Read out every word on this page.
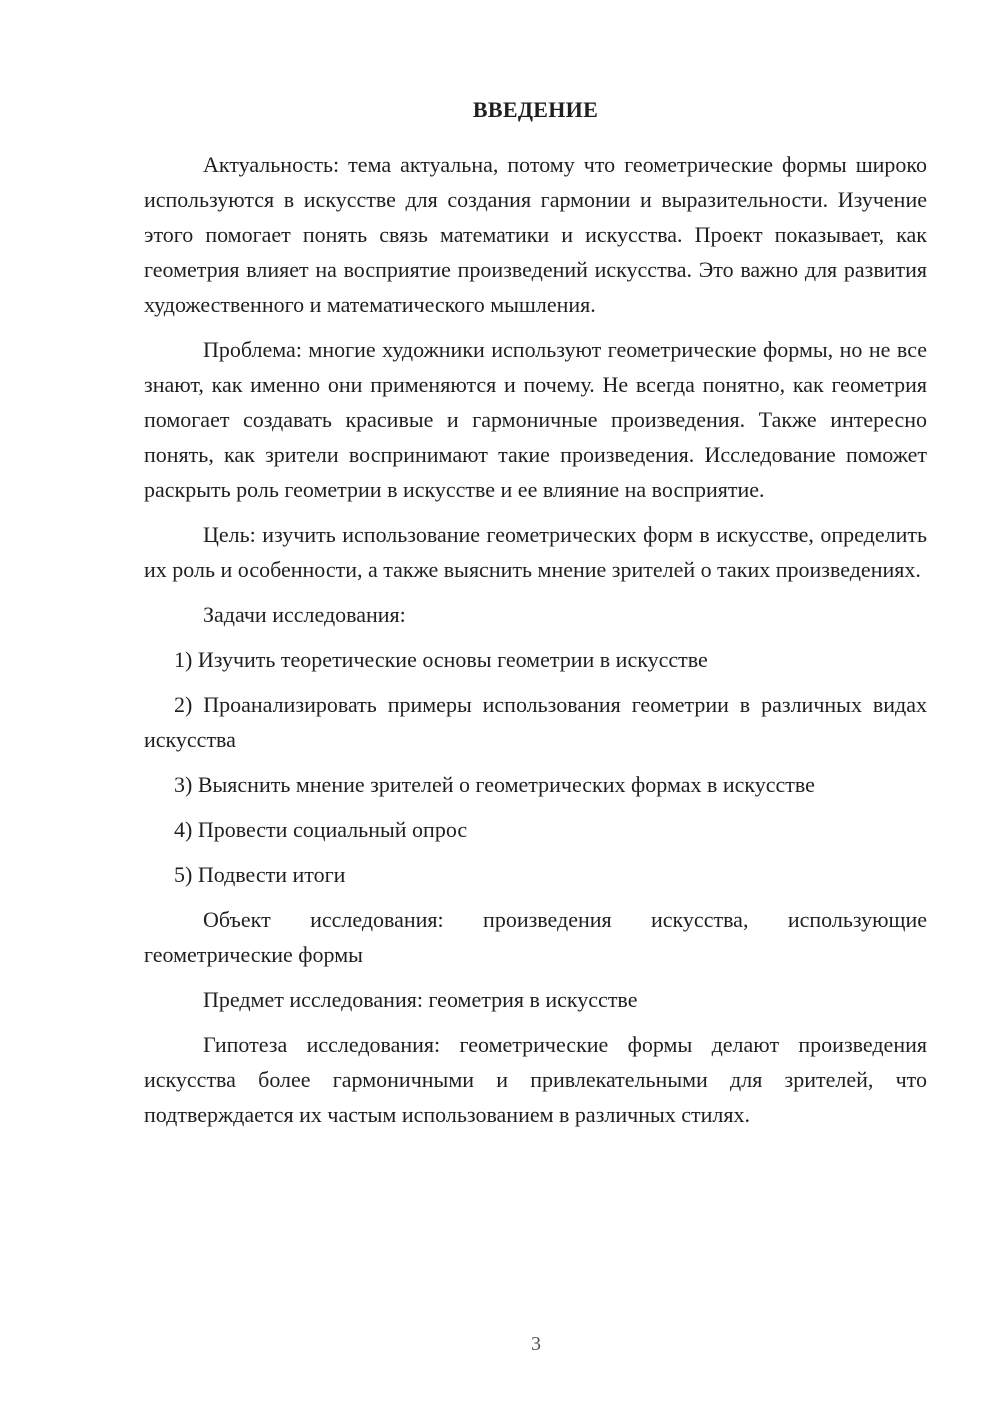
ВВЕДЕНИЕ

Актуальность: тема актуальна, потому что геометрические формы широко используются в искусстве для создания гармонии и выразительности. Изучение этого помогает понять связь математики и искусства. Проект показывает, как геометрия влияет на восприятие произведений искусства. Это важно для развития художественного и математического мышления.

Проблема: многие художники используют геометрические формы, но не все знают, как именно они применяются и почему. Не всегда понятно, как геометрия помогает создавать красивые и гармоничные произведения. Также интересно понять, как зрители воспринимают такие произведения. Исследование поможет раскрыть роль геометрии в искусстве и ее влияние на восприятие.

Цель: изучить использование геометрических форм в искусстве, определить их роль и особенности, а также выяснить мнение зрителей о таких произведениях.

Задачи исследования:

1) Изучить теоретические основы геометрии в искусстве

2) Проанализировать примеры использования геометрии в различных видах искусства

3) Выяснить мнение зрителей о геометрических формах в искусстве

4) Провести социальный опрос

5) Подвести итоги

Объект исследования: произведения искусства, использующие геометрические формы

Предмет исследования: геометрия в искусстве

Гипотеза исследования: геометрические формы делают произведения искусства более гармоничными и привлекательными для зрителей, что подтверждается их частым использованием в различных стилях.

3
